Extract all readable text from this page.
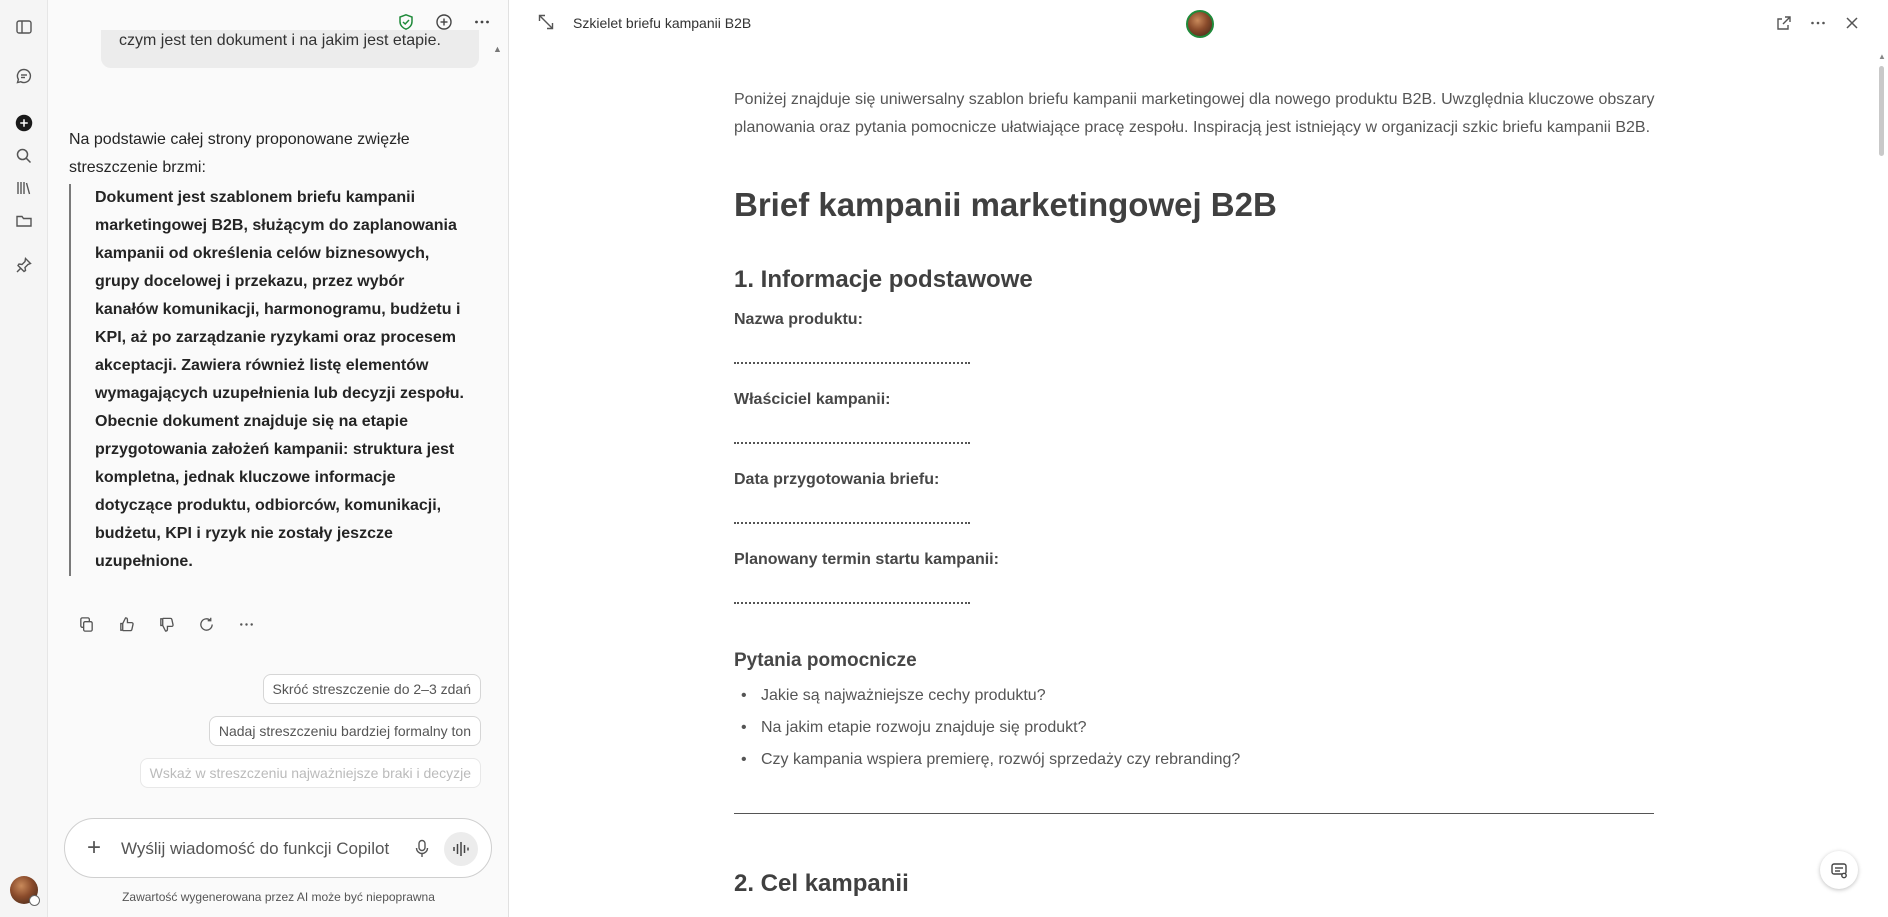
czym jest ten dokument i na jakim jest etapie.	▲

Na podstawie całej strony proponowane zwięzłe streszczenie brzmi:

Dokument jest szablonem briefu kampanii marketingowej B2B, służącym do zaplanowania kampanii od określenia celów biznesowych, grupy docelowej i przekazu, przez wybór kanałów komunikacji, harmonogramu, budżetu i KPI, aż po zarządzanie ryzykami oraz procesem akceptacji. Zawiera również listę elementów wymagających uzupełnienia lub decyzji zespołu. Obecnie dokument znajduje się na etapie przygotowania założeń kampanii: struktura jest kompletna, jednak kluczowe informacje dotyczące produktu, odbiorców, komunikacji, budżetu, KPI i ryzyk nie zostały jeszcze uzupełnione.
Skróć streszczenie do 2–3 zdań
Nadaj streszczeniu bardziej formalny ton
Wskaż w streszczeniu najważniejsze braki i decyzje
+
Wyślij wiadomość do funkcji Copilot

Zawartość wygenerowana przez AI może być niepoprawna

Szkielet briefu kampanii B2B
▲

Poniżej znajduje się uniwersalny szablon briefu kampanii marketingowej dla nowego produktu B2B. Uwzględnia kluczowe obszary planowania oraz pytania pomocnicze ułatwiające pracę zespołu. Inspiracją jest istniejący w organizacji szkic briefu kampanii B2B.

Brief kampanii marketingowej B2B
1. Informacje podstawowe
Nazwa produktu:
Właściciel kampanii:
Data przygotowania briefu:
Planowany termin startu kampanii:
Pytania pomocnicze
• Jakie są najważniejsze cechy produktu?
• Na jakim etapie rozwoju znajduje się produkt?
• Czy kampania wspiera premierę, rozwój sprzedaży czy rebranding?
2. Cel kampanii
